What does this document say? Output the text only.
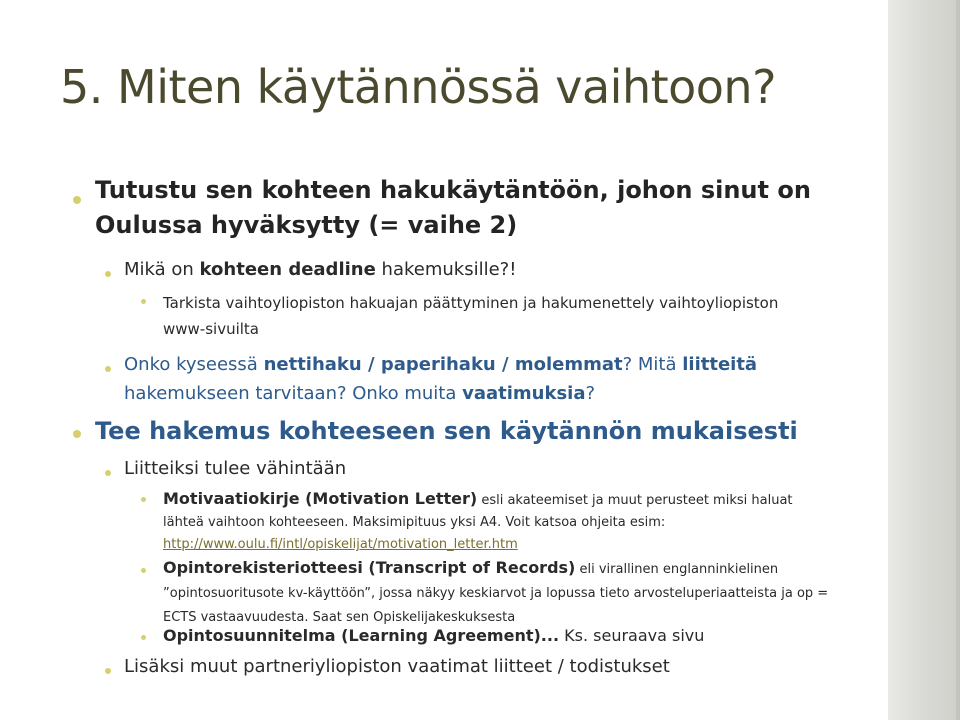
5. Miten käytännössä vaihtoon?
Tutustu sen kohteen hakukäytäntöön, johon sinut on Oulussa hyväksytty (= vaihe 2)
Mikä on kohteen deadline hakemuksille?!
Tarkista vaihtoyliopiston hakuajan päättyminen ja hakumenettely vaihtoyliopiston www-sivuilta
Onko kyseessä nettihaku / paperihaku / molemmat? Mitä liitteitä hakemukseen tarvitaan? Onko muita vaatimuksia?
Tee hakemus kohteeseen sen käytännön mukaisesti
Liitteiksi tulee vähintään
Motivaatiokirje (Motivation Letter) esli akateemiset ja muut perusteet miksi haluat lähteä vaihtoon kohteeseen. Maksimipituus yksi A4. Voit katsoa ohjeita esim: http://www.oulu.fi/intl/opiskelijat/motivation_letter.htm
Opintorekisteriotteesi (Transcript of Records) eli virallinen englanninkielinen ”opintosuoritusote kv-käyttöön”, jossa näkyy keskiarvot ja lopussa tieto arvosteluperiaatteista ja op = ECTS vastaavuudesta. Saat sen Opiskelijakeskuksesta
Opintosuunnitelma (Learning Agreement)... Ks. seuraava sivu
Lisäksi muut partneriyliopiston vaatimat liitteet / todistukset
